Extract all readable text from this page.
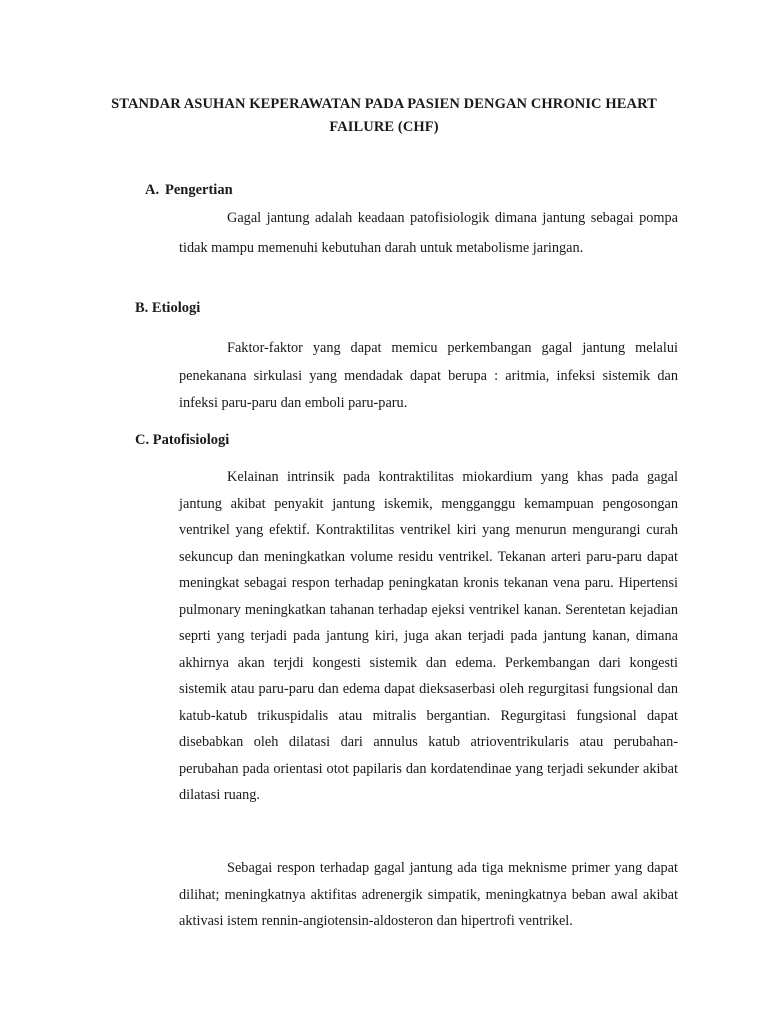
STANDAR ASUHAN KEPERAWATAN PADA PASIEN DENGAN CHRONIC HEART FAILURE (CHF)
A. Pengertian

Gagal jantung adalah keadaan patofisiologik dimana jantung sebagai pompa tidak mampu memenuhi kebutuhan darah untuk metabolisme jaringan.

B. Etiologi

Faktor-faktor yang dapat memicu perkembangan gagal jantung melalui penekanana sirkulasi yang mendadak dapat berupa : aritmia, infeksi sistemik dan infeksi paru-paru dan emboli paru-paru.

C. Patofisiologi

Kelainan intrinsik pada kontraktilitas miokardium yang khas pada gagal jantung akibat penyakit jantung iskemik, mengganggu kemampuan pengosongan ventrikel yang efektif. Kontraktilitas ventrikel kiri yang menurun mengurangi curah sekuncup dan meningkatkan volume residu ventrikel. Tekanan arteri paru-paru dapat meningkat sebagai respon terhadap peningkatan kronis tekanan vena paru. Hipertensi pulmonary meningkatkan tahanan terhadap ejeksi ventrikel kanan. Serentetan kejadian seprti yang terjadi pada jantung kiri, juga akan terjadi pada jantung kanan, dimana akhirnya akan terjdi kongesti sistemik dan edema. Perkembangan dari kongesti sistemik atau paru-paru dan edema dapat dieksaserbasi oleh regurgitasi fungsional dan katub-katub trikuspidalis atau mitralis bergantian. Regurgitasi fungsional dapat disebabkan oleh dilatasi dari annulus katub atrioventrikularis atau perubahan-perubahan pada orientasi otot papilaris dan kordatendinae yang terjadi sekunder akibat dilatasi ruang.

Sebagai respon terhadap gagal jantung ada tiga meknisme primer yang dapat dilihat; meningkatnya aktifitas adrenergik simpatik, meningkatnya beban awal akibat aktivasi istem rennin-angiotensin-aldosteron dan hipertrofi ventrikel.
